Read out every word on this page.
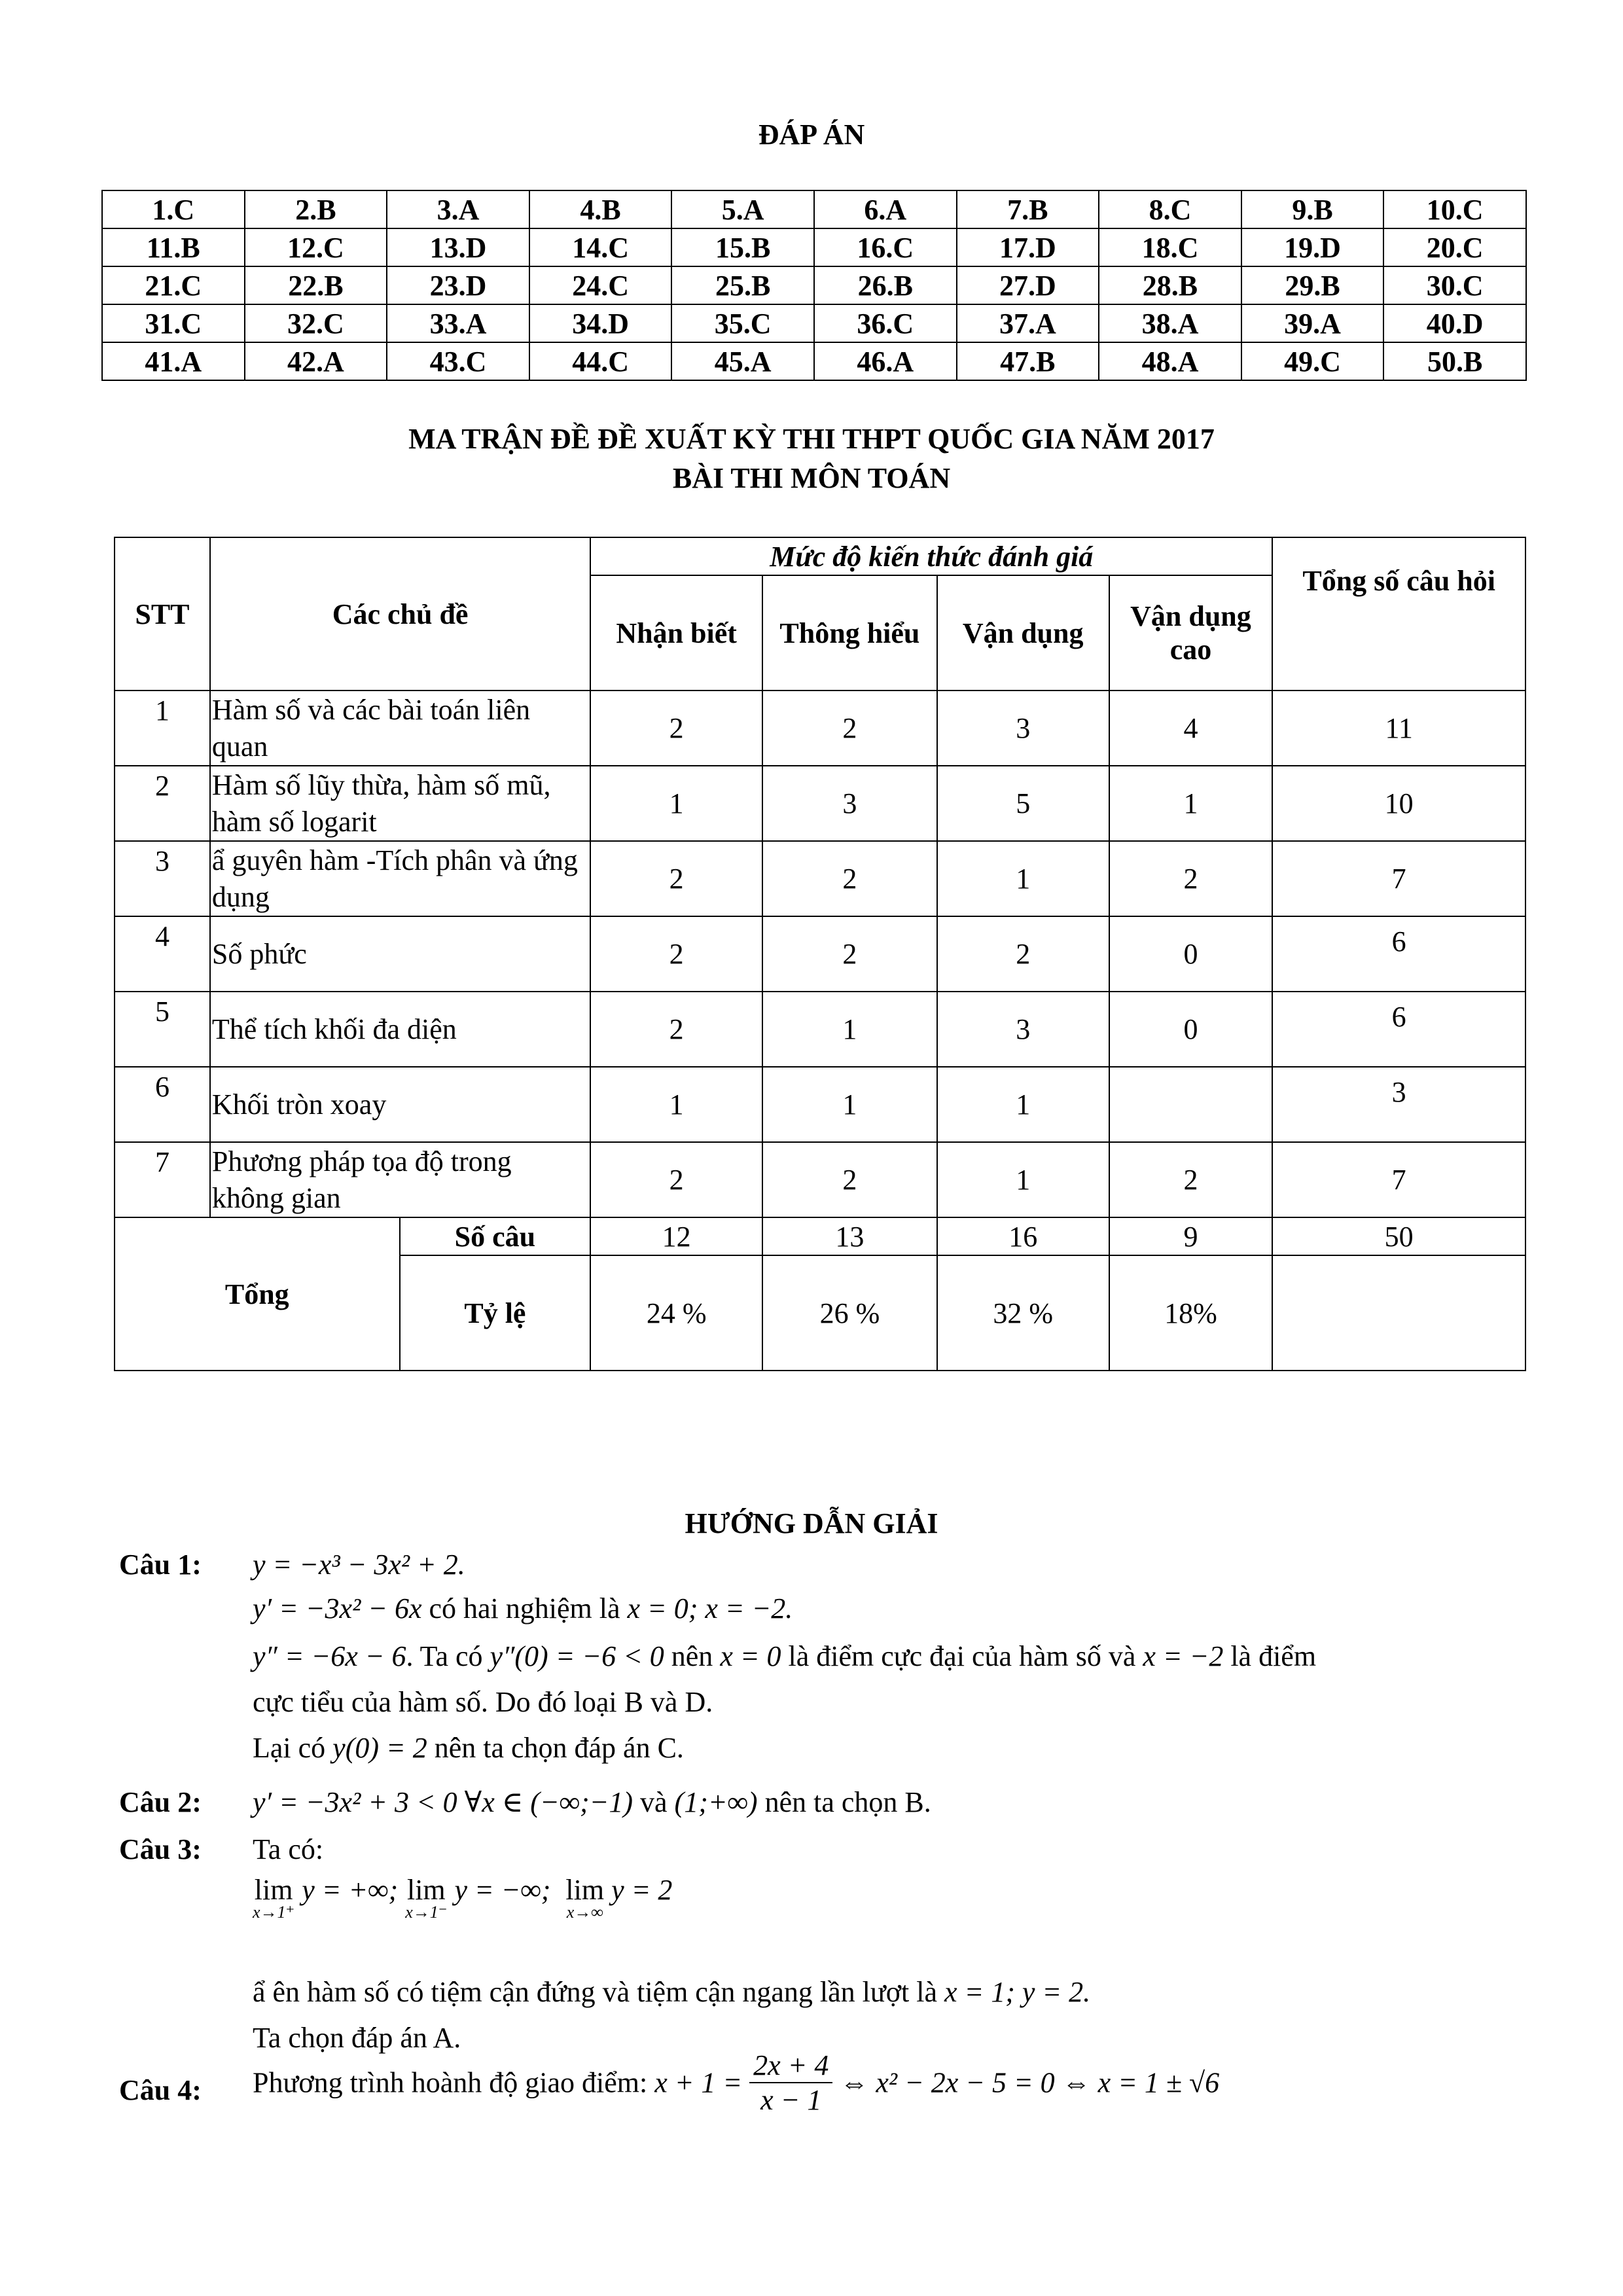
ĐÁP ÁN
1.C	2.B	3.A	4.B	5.A	6.A	7.B	8.C	9.B	10.C
11.B	12.C	13.D	14.C	15.B	16.C	17.D	18.C	19.D	20.C
21.C	22.B	23.D	24.C	25.B	26.B	27.D	28.B	29.B	30.C
31.C	32.C	33.A	34.D	35.C	36.C	37.A	38.A	39.A	40.D
41.A	42.A	43.C	44.C	45.A	46.A	47.B	48.A	49.C	50.B
MA TRẬN ĐỀ ĐỀ XUẤT KỲ THI THPT QUỐC GIA NĂM 2017
BÀI THI MÔN TOÁN
STT	Các chủ đề		Mức độ kiến thức đánh giá				Tổng số câu hỏi
			Nhận biết	Thông hiểu	Vận dụng	Vận dụng cao	
1	Hàm số và các bài toán liên quan		2	2	3	4	11
2	Hàm số lũy thừa, hàm số mũ, hàm số logarit		1	3	5	1	10
3	ẩ guyên hàm -Tích phân và ứng dụng		2	2	1	2	7
4	Số phức		2	2	2	0	6
5	Thể tích khối đa diện		2	1	3	0	6
6	Khối tròn xoay		1	1	1		3
7	Phương pháp tọa độ trong không gian		2	2	1	2	7
Tổng		Số câu	12	13	16	9	50
		Tỷ lệ	24 %	26 %	32 %	18%	
HƯỚNG DẪN GIẢI
Câu 1: y = −x³ − 3x² + 2.
y′ = −3x² − 6x có hai nghiệm là x = 0; x = −2.
y″ = −6x − 6. Ta có y″(0) = −6 < 0 nên x = 0 là điểm cực đại của hàm số và x = −2 là điểm
cực tiểu của hàm số. Do đó loại B và D.
Lại có y(0) = 2 nên ta chọn đáp án C.
Câu 2: y′ = −3x² + 3 < 0 ∀x ∈ (−∞;−1) và (1;+∞) nên ta chọn B.
Câu 3: Ta có:
lim
x→1⁺
y = +∞; lim
x→1⁻
y = −∞; lim
x→∞
y = 2
ẩ ên hàm số có tiệm cận đứng và tiệm cận ngang lần lượt là x = 1; y = 2.
Ta chọn đáp án A.
Câu 4: Phương trình hoành độ giao điểm: $x + 1 = \frac{2x + 4}{x - 1}$ ⇔ x² − 2x − 5 = 0 ⇔ x = 1 ± √6
